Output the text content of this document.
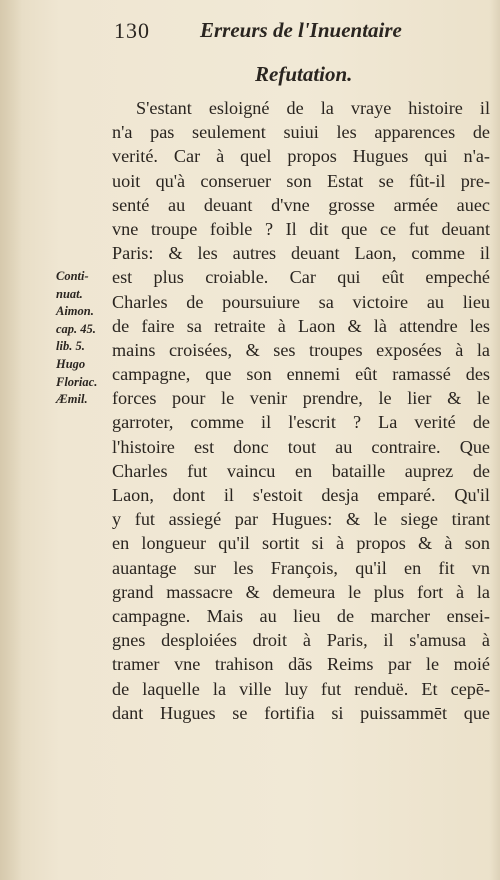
130 Erreurs de l'Inuentaire
Refutation.
S'estant esloigné de la vraye histoire il
n'a pas seulement suiui les apparences de
verité. Car à quel propos Hugues qui n'a-
uoit qu'à conseruer son Estat se fût-il pre-
senté au deuant d'vne grosse armée auec
vne troupe foible ? Il dit que ce fut deuant
Paris: & les autres deuant Laon, comme il
est plus croiable. Car qui eût empeché
Charles de poursuiure sa victoire au lieu
de faire sa retraite à Laon & là attendre les
mains croisées, & ses troupes exposées à la
campagne, que son ennemi eût ramassé des
forces pour le venir prendre, le lier & le
garroter, comme il l'escrit ? La verité de
l'histoire est donc tout au contraire. Que
Charles fut vaincu en bataille auprez de
Laon, dont il s'estoit desja emparé. Qu'il
y fut assiegé par Hugues: & le siege tirant
en longueur qu'il sortit si à propos & à son
auantage sur les François, qu'il en fit vn
grand massacre & demeura le plus fort à la
campagne. Mais au lieu de marcher ensei-
gnes desploiées droit à Paris, il s'amusa à
tramer vne trahison dãs Reims par le moié
de laquelle la ville luy fut renduë. Et cepē-
dant Hugues se fortifia si puissammēt que
Conti-
nuat.
Aimon.
cap. 45.
lib. 5.
Hugo
Floriac.
Æmil.
